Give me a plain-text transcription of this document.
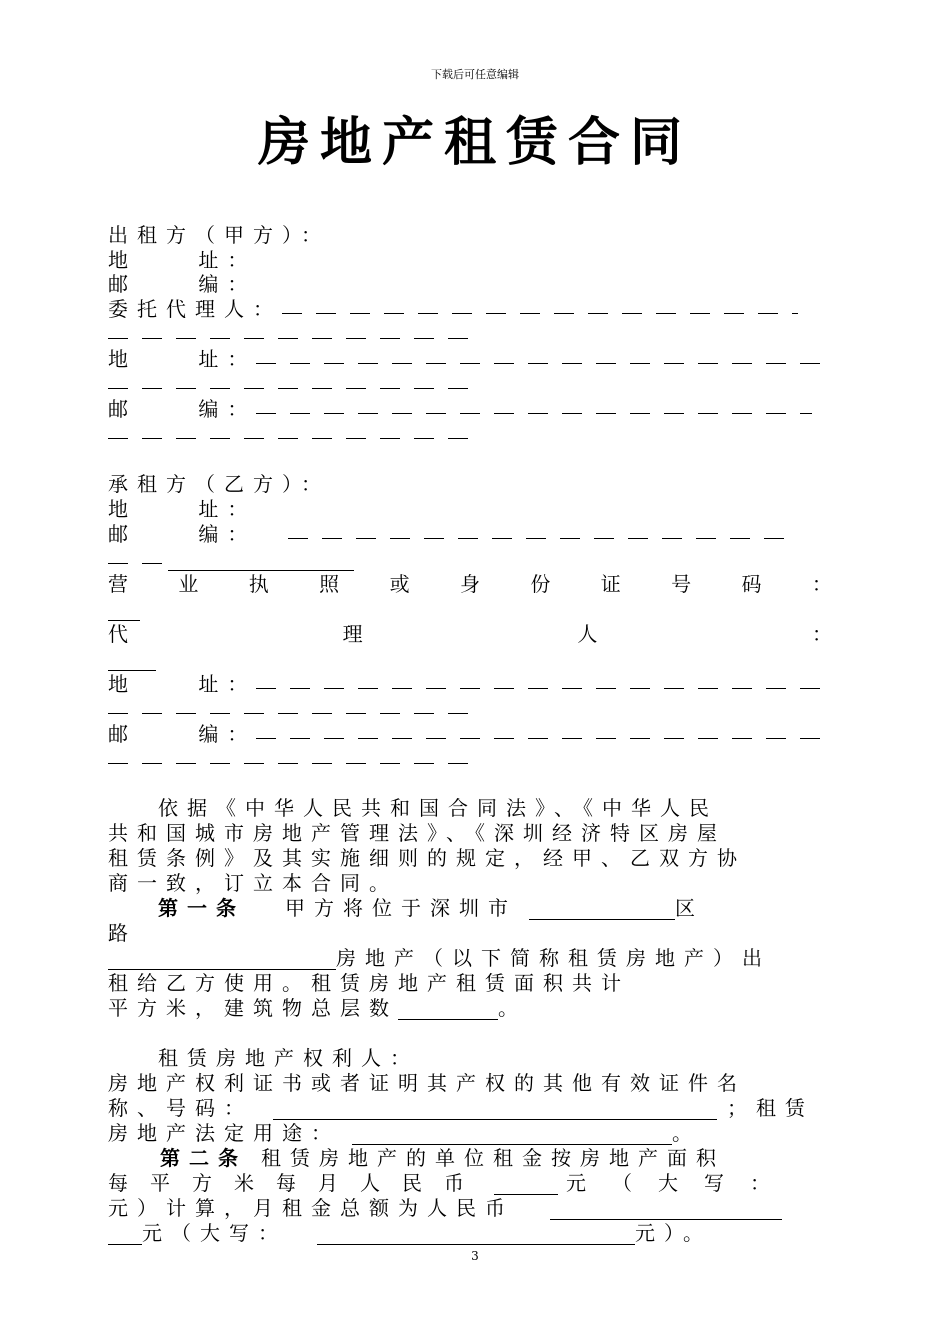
下载后可任意编辑
房地产租赁合同
出租方（甲方）：
地    址：
邮    编：
委托代理人：
地    址：
邮    编：
承租方（乙方）：
地    址：
邮    编：
营	业	执	照	或	身	份	证	号	码	：
代	理	人	：
地    址：
邮    编：
依据《中华人民共和国合同法》、《中华人民
共和国城市房地产管理法》、《深圳经济特区房屋
租赁条例》及其实施细则的规定，经甲、乙双方协
商一致，订立本合同。
第一条 甲方将位于深圳市	区
路
房地产（以下简称租赁房地产）出
租给乙方使用。租赁房地产租赁面积共计
平方米，建筑物总层数	。
租赁房地产权利人：
房地产权利证书或者证明其产权的其他有效证件名
称、号码：	；租赁
房地产法定用途：	。
第二条 租赁房地产的单位租金按房地产面积
每平方米每月人民币	元（大写：
元）计算，月租金总额为人民币
元（大写：	元）。
3
